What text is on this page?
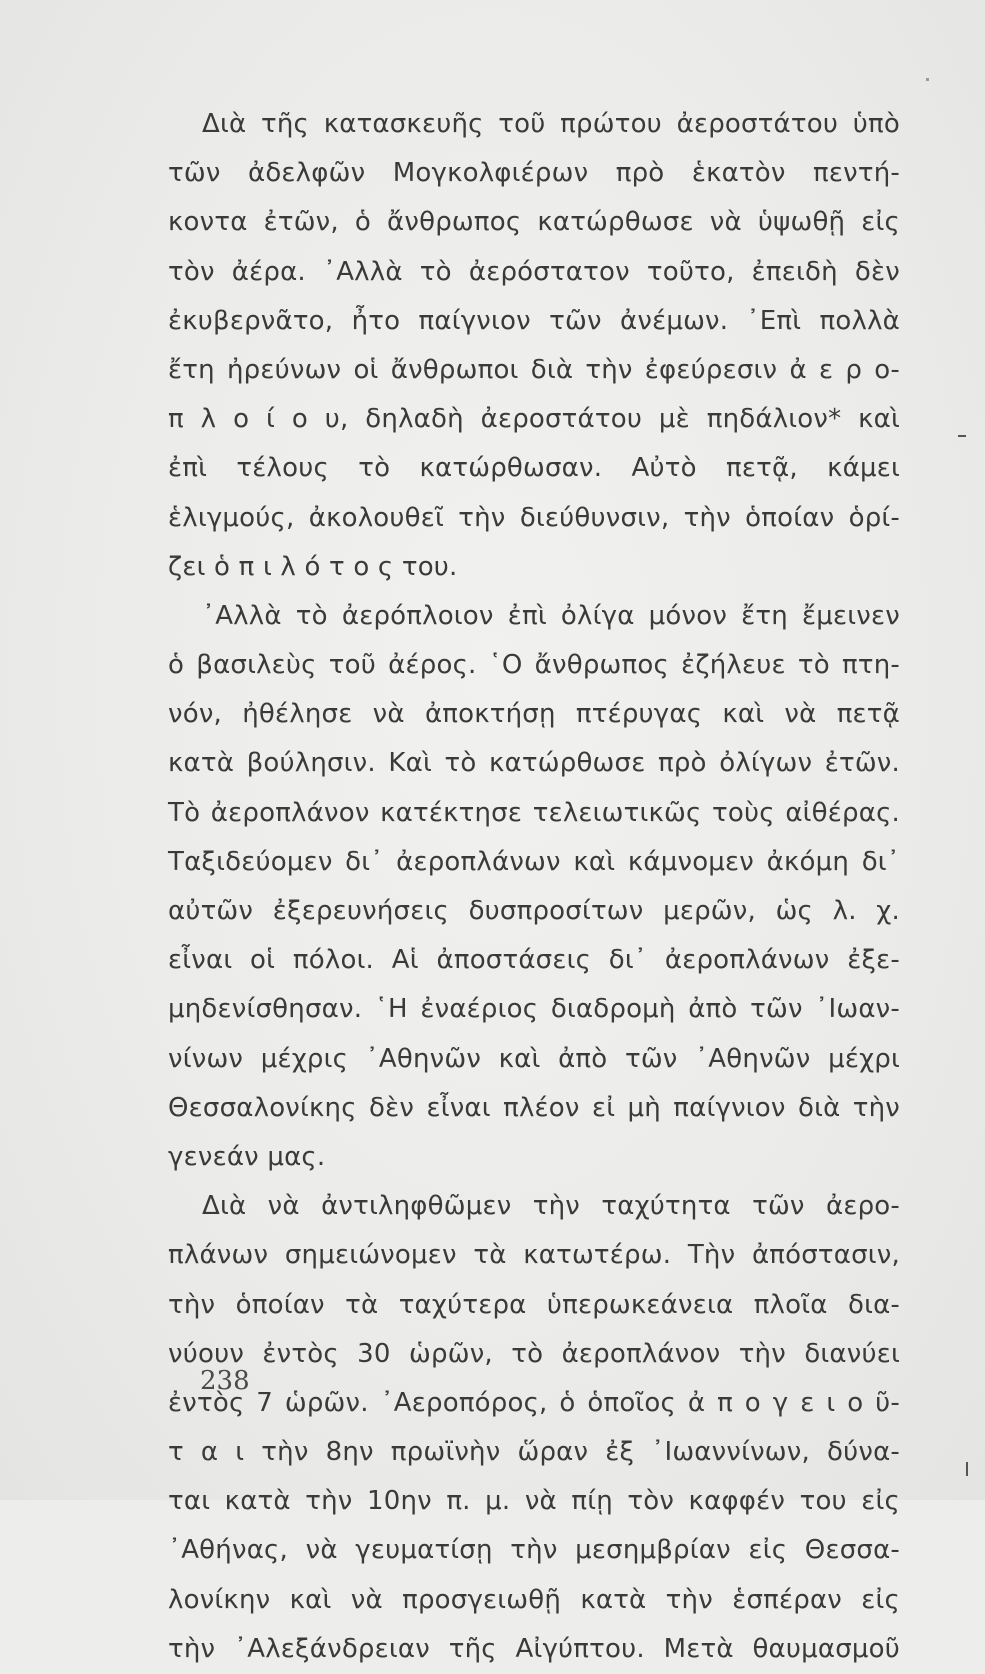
Διὰ τῆς κατασκευῆς τοῦ πρώτου ἀεροστάτου ὑπὸ
τῶν ἀδελφῶν Μογκολφιέρων πρὸ ἑκατὸν πεντή-
κοντα ἐτῶν, ὁ ἄνθρωπος κατώρθωσε νὰ ὑψωθῇ εἰς
τὸν ἀέρα. ᾿Αλλὰ τὸ ἀερόστατον τοῦτο, ἐπειδὴ δὲν
ἐκυβερνᾶτο, ἦτο παίγνιον τῶν ἀνέμων. ᾿Επὶ πολλὰ
ἔτη ἠρεύνων οἱ ἄνθρωποι διὰ τὴν ἐφεύρεσιν ἀ ε ρ ο-
π λ ο ί ο υ, δηλαδὴ ἀεροστάτου μὲ πηδάλιον* καὶ
ἐπὶ τέλους τὸ κατώρθωσαν. Αὐτὸ πετᾷ, κάμει
ἑλιγμούς, ἀκολουθεῖ τὴν διεύθυνσιν, τὴν ὁποίαν ὁρί-
ζει ὁ π ι λ ό τ ο ς του.
᾿Αλλὰ τὸ ἀερόπλοιον ἐπὶ ὀλίγα μόνον ἔτη ἔμεινεν
ὁ βασιλεὺς τοῦ ἀέρος. ῾Ο ἄνθρωπος ἐζήλευε τὸ πτη-
νόν, ἠθέλησε νὰ ἀποκτήσῃ πτέρυγας καὶ νὰ πετᾷ
κατὰ βούλησιν. Καὶ τὸ κατώρθωσε πρὸ ὀλίγων ἐτῶν.
Τὸ ἀεροπλάνον κατέκτησε τελειωτικῶς τοὺς αἰθέρας.
Ταξιδεύομεν δι᾿ ἀεροπλάνων καὶ κάμνομεν ἀκόμη δι᾿
αὐτῶν ἐξερευνήσεις δυσπροσίτων μερῶν, ὡς λ. χ.
εἶναι οἱ πόλοι. Αἱ ἀποστάσεις δι᾿ ἀεροπλάνων ἐξε-
μηδενίσθησαν. ῾Η ἐναέριος διαδρομὴ ἀπὸ τῶν ᾿Ιωαν-
νίνων μέχρις ᾿Αθηνῶν καὶ ἀπὸ τῶν ᾿Αθηνῶν μέχρι
Θεσσαλονίκης δὲν εἶναι πλέον εἰ μὴ παίγνιον διὰ τὴν
γενεάν μας.
Διὰ νὰ ἀντιληφθῶμεν τὴν ταχύτητα τῶν ἀερο-
πλάνων σημειώνομεν τὰ κατωτέρω. Τὴν ἀπόστασιν,
τὴν ὁποίαν τὰ ταχύτερα ὑπερωκεάνεια πλοῖα δια-
νύουν ἐντὸς 30 ὡρῶν, τὸ ἀεροπλάνον τὴν διανύει
ἐντὸς 7 ὡρῶν. ᾿Αεροπόρος, ὁ ὁποῖος ἀ π ο γ ε ι ο ῦ-
τ α ι τὴν 8ην πρωϊνὴν ὥραν ἐξ ᾿Ιωαννίνων, δύνα-
ται κατὰ τὴν 10ην π. μ. νὰ πίῃ τὸν καφφέν του εἰς
᾿Αθήνας, νὰ γευματίσῃ τὴν μεσημβρίαν εἰς Θεσσα-
λονίκην καὶ νὰ προσγειωθῇ κατὰ τὴν ἑσπέραν εἰς
τὴν ᾿Αλεξάνδρειαν τῆς Αἰγύπτου. Μετὰ θαυμασμοῦ
238
